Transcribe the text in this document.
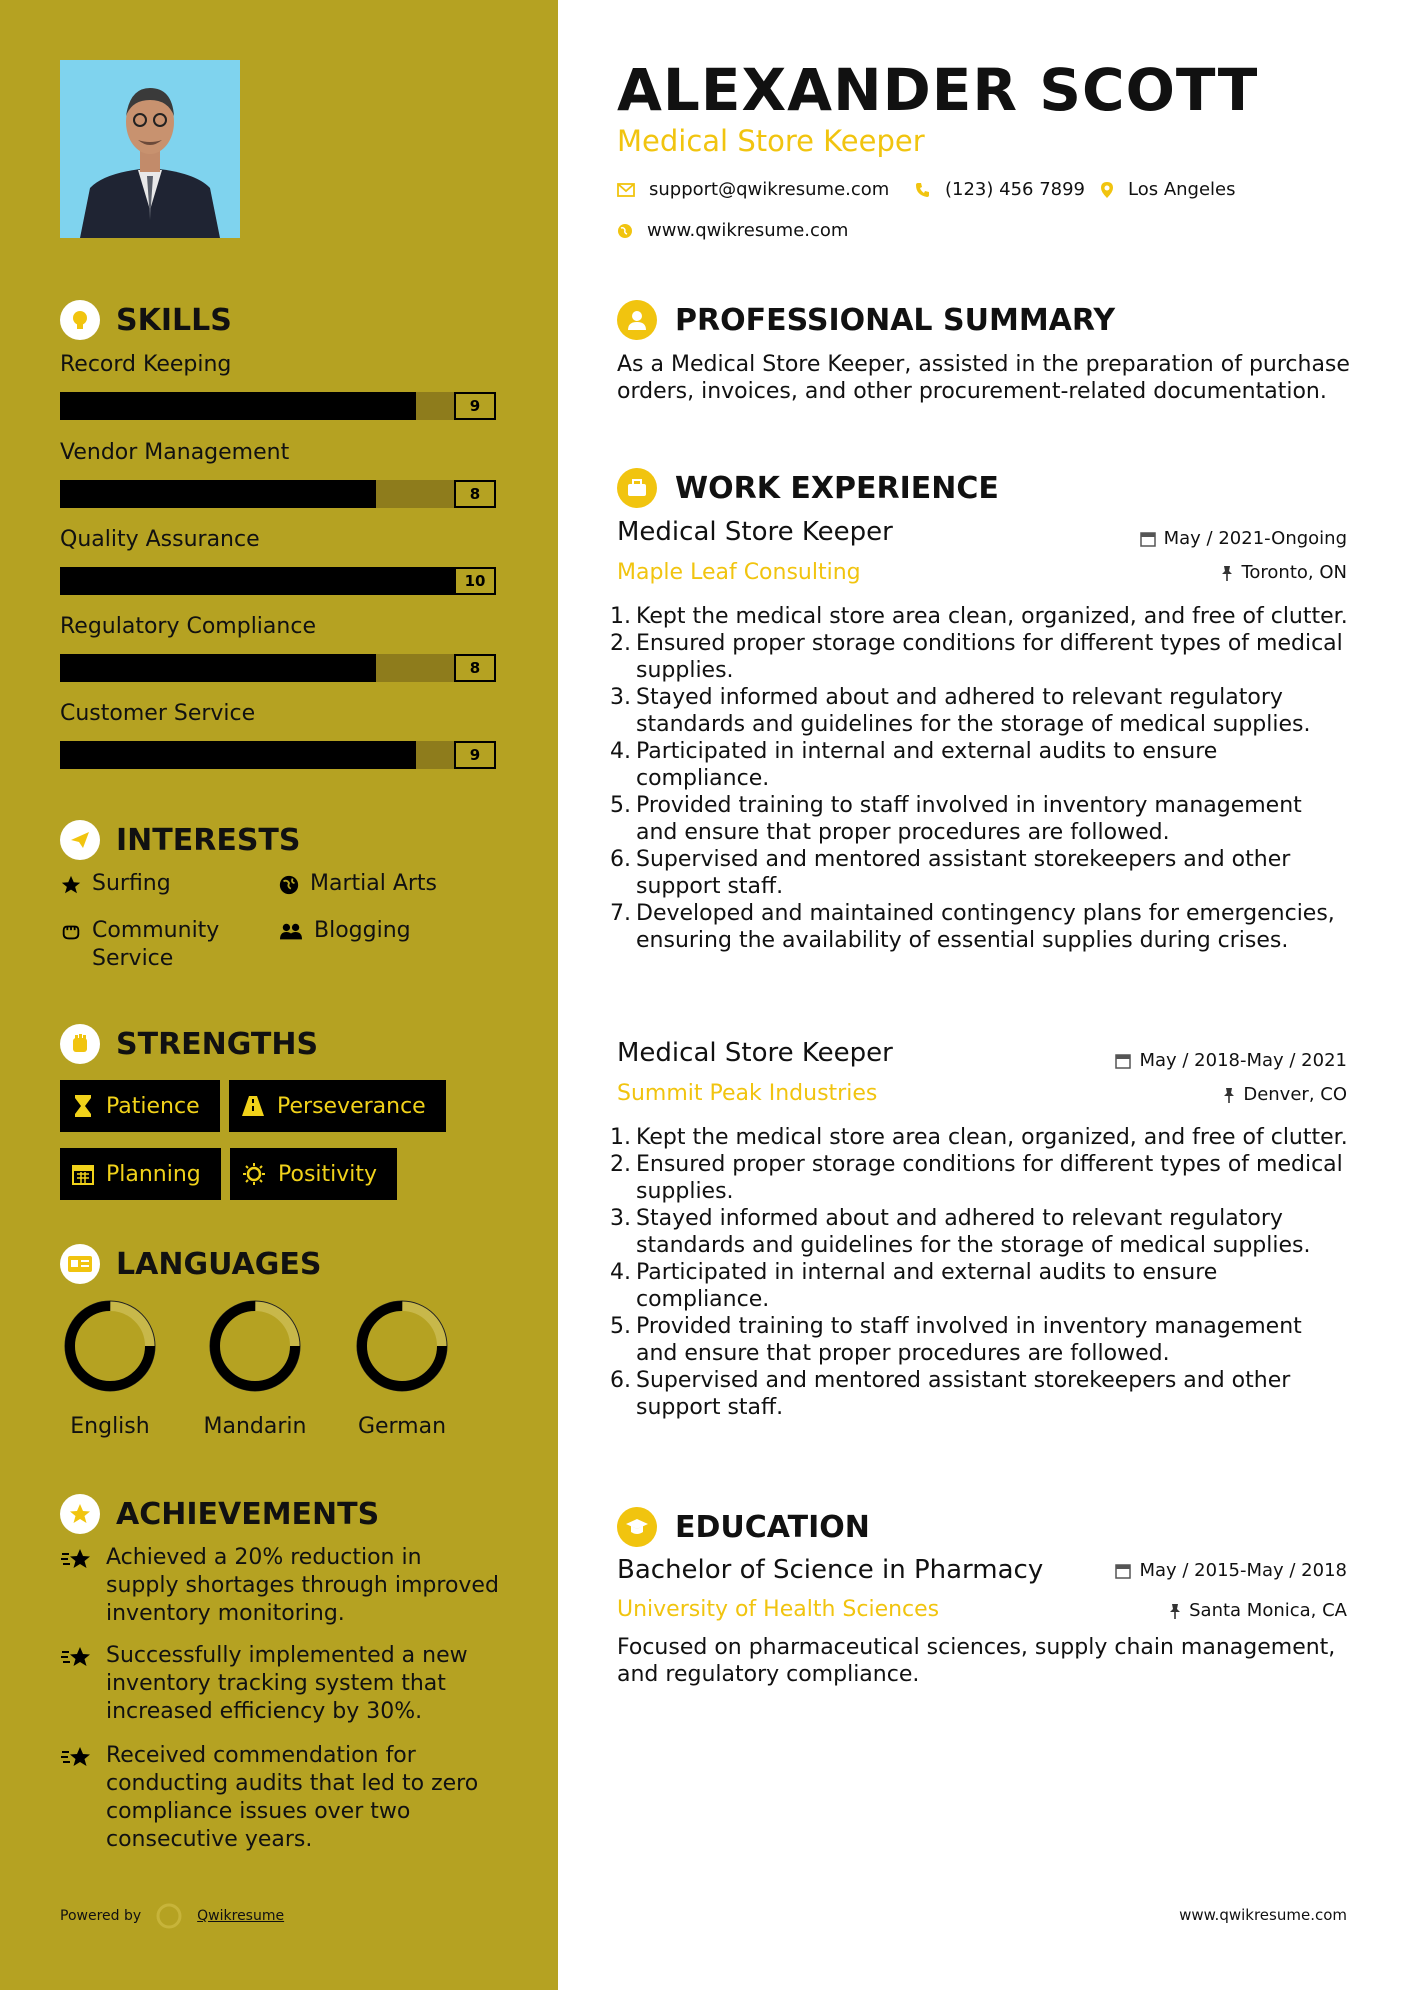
SKILLS
Record Keeping
9
Vendor Management
8
Quality Assurance
10
Regulatory Compliance
8
Customer Service
9
INTERESTS
Surfing	Martial Arts
Community Service
Blogging
STRENGTHS
Patience	Perseverance
Planning	Positivity
LANGUAGES
English	Mandarin	German
ACHIEVEMENTS
Achieved a 20% reduction in supply shortages through improved inventory monitoring.
Successfully implemented a new inventory tracking system that increased efficiency by 30%.
Received commendation for conducting audits that led to zero compliance issues over two consecutive years.
Powered by	Qwikresume
ALEXANDER SCOTT
Medical Store Keeper
support@qwikresume.com	(123) 456 7899 Los Angeles
www.qwikresume.com
PROFESSIONAL SUMMARY
As a Medical Store Keeper, assisted in the preparation of purchase orders, invoices, and other procurement-related documentation.
WORK EXPERIENCE
Medical Store Keeper
Maple Leaf Consulting
May / 2021-Ongoing
Toronto, ON
1. Kept the medical store area clean, organized, and free of clutter.
2. Ensured proper storage conditions for different types of medical supplies.
3. Stayed informed about and adhered to relevant regulatory standards and guidelines for the storage of medical supplies.
4. Participated in internal and external audits to ensure compliance.
5. Provided training to staff involved in inventory management and ensure that proper procedures are followed.
6. Supervised and mentored assistant storekeepers and other support staff.
7. Developed and maintained contingency plans for emergencies, ensuring the availability of essential supplies during crises.
Medical Store Keeper
Summit Peak Industries
May / 2018-May / 2021
Denver, CO
1. Kept the medical store area clean, organized, and free of clutter.
2. Ensured proper storage conditions for different types of medical supplies.
3. Stayed informed about and adhered to relevant regulatory standards and guidelines for the storage of medical supplies.
4. Participated in internal and external audits to ensure compliance.
5. Provided training to staff involved in inventory management and ensure that proper procedures are followed.
6. Supervised and mentored assistant storekeepers and other support staff.
EDUCATION
Bachelor of Science in Pharmacy
University of Health Sciences
May / 2015-May / 2018
Santa Monica, CA
Focused on pharmaceutical sciences, supply chain management, and regulatory compliance.
www.qwikresume.com
